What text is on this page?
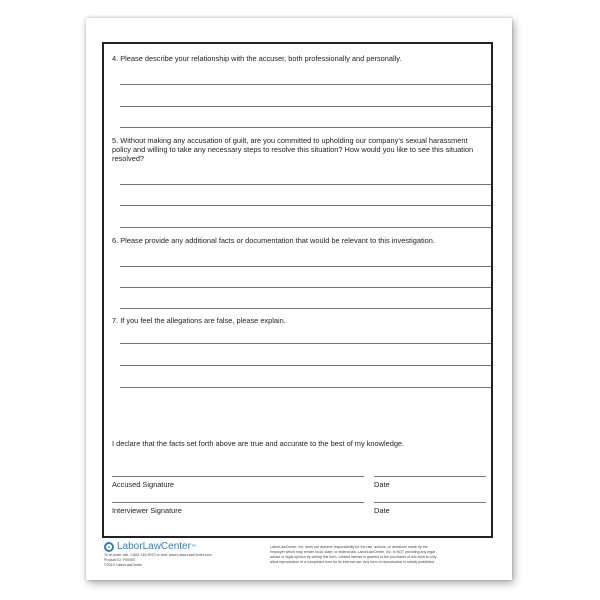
4. Please describe your relationship with the accuser, both professionally and personally.
5. Without making any accusation of guilt, are you committed to upholding our company's sexual harassment policy and willing to take any necessary steps to resolve this situation? How would you like to see this situation resolved?
6. Please provide any additional facts or documentation that would be relevant to this investigation.
7. If you feel the allegations are false, please explain.
I declare that the facts set forth above are true and accurate to the best of my knowledge.
Accused Signature	Date
Interviewer Signature	Date
Labor LawCenter ™
To re-order call, 1-800-745-9970 or visit: www.LaborLawCenter.com
Product ID: F00000
©2019 LaborLawCenter
LaborLawCenter, Inc. does not assume responsibility for the use, actions, or decisions made by the
employer which may render local, state, or federal law. LaborLawCenter, Inc. is NOT providing any legal
advice or legal opinion by selling this form. Limited license is granted to the purchaser of this form to only
allow reproduction of a completed form for its internal use. Any form of reproduction is strictly prohibited.
